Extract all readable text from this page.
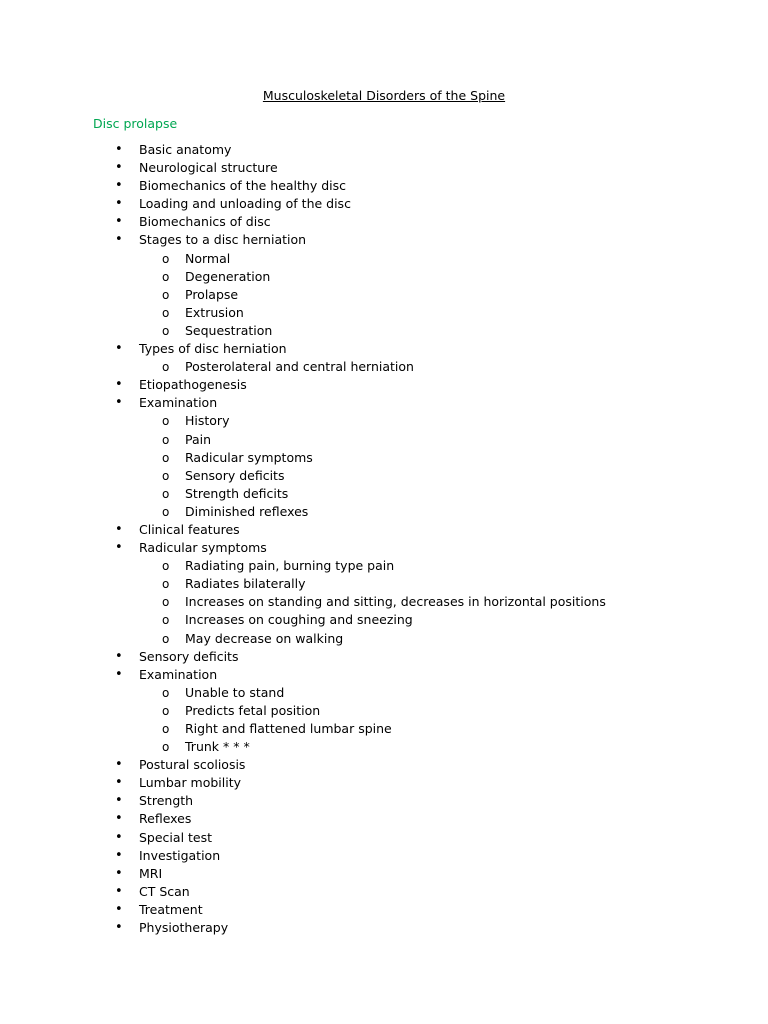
Musculoskeletal Disorders of the Spine
Disc prolapse
• Basic anatomy
• Neurological structure
• Biomechanics of the healthy disc
• Loading and unloading of the disc
• Biomechanics of disc
• Stages to a disc herniation
o Normal
o Degeneration
o Prolapse
o Extrusion
o Sequestration
• Types of disc herniation
o Posterolateral and central herniation
• Etiopathogenesis
• Examination
o History
o Pain
o Radicular symptoms
o Sensory deficits
o Strength deficits
o Diminished reflexes
• Clinical features
• Radicular symptoms
o Radiating pain, burning type pain
o Radiates bilaterally
o Increases on standing and sitting, decreases in horizontal positions
o Increases on coughing and sneezing
o May decrease on walking
• Sensory deficits
• Examination
o Unable to stand
o Predicts fetal position
o Right and flattened lumbar spine
o Trunk * * *
• Postural scoliosis
• Lumbar mobility
• Strength
• Reflexes
• Special test
• Investigation
• MRI
• CT Scan
• Treatment
• Physiotherapy
